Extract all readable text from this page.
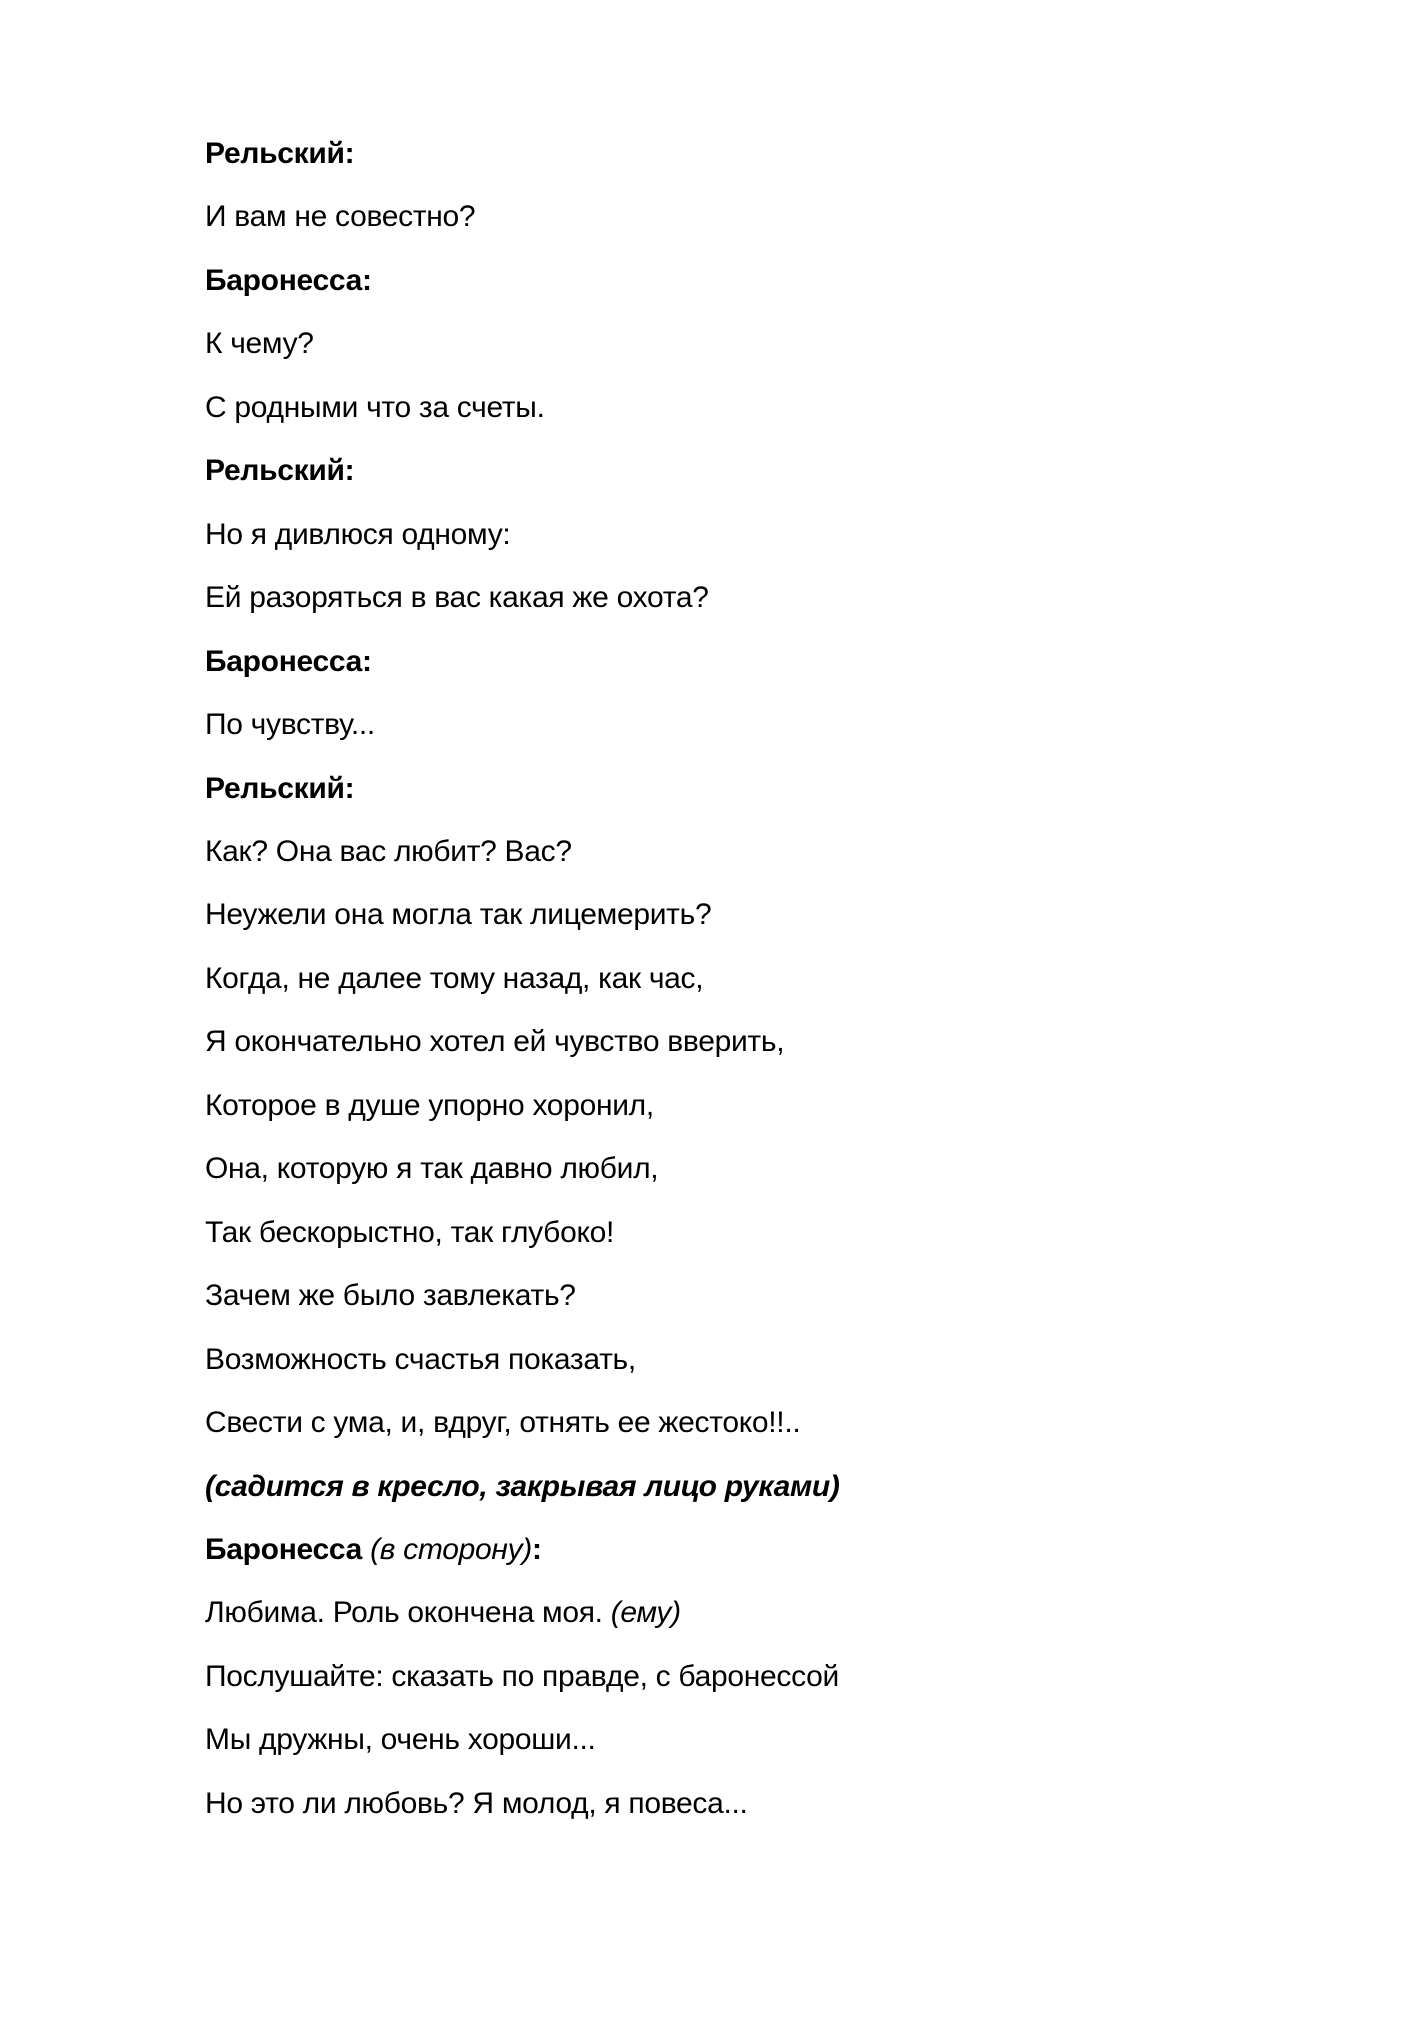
Рельский:

И вам не совестно?

Баронесса:

К чему?

С родными что за счеты.

Рельский:

Но я дивлюся одному:

Ей разоряться в вас какая же охота?

Баронесса:

По чувству...

Рельский:

Как? Она вас любит? Вас?

Неужели она могла так лицемерить?

Когда, не далее тому назад, как час,

Я окончательно хотел ей чувство вверить,

Которое в душе упорно хоронил,

Она, которую я так давно любил,

Так бескорыстно, так глубоко!

Зачем же было завлекать?

Возможность счастья показать,

Свести с ума, и, вдруг, отнять ее жестоко!!..

(садится в кресло, закрывая лицо руками)

Баронесса (в сторону):

Любима. Роль окончена моя. (ему)

Послушайте: сказать по правде, с баронессой

Мы дружны, очень хороши...

Но это ли любовь? Я молод, я повеса...
